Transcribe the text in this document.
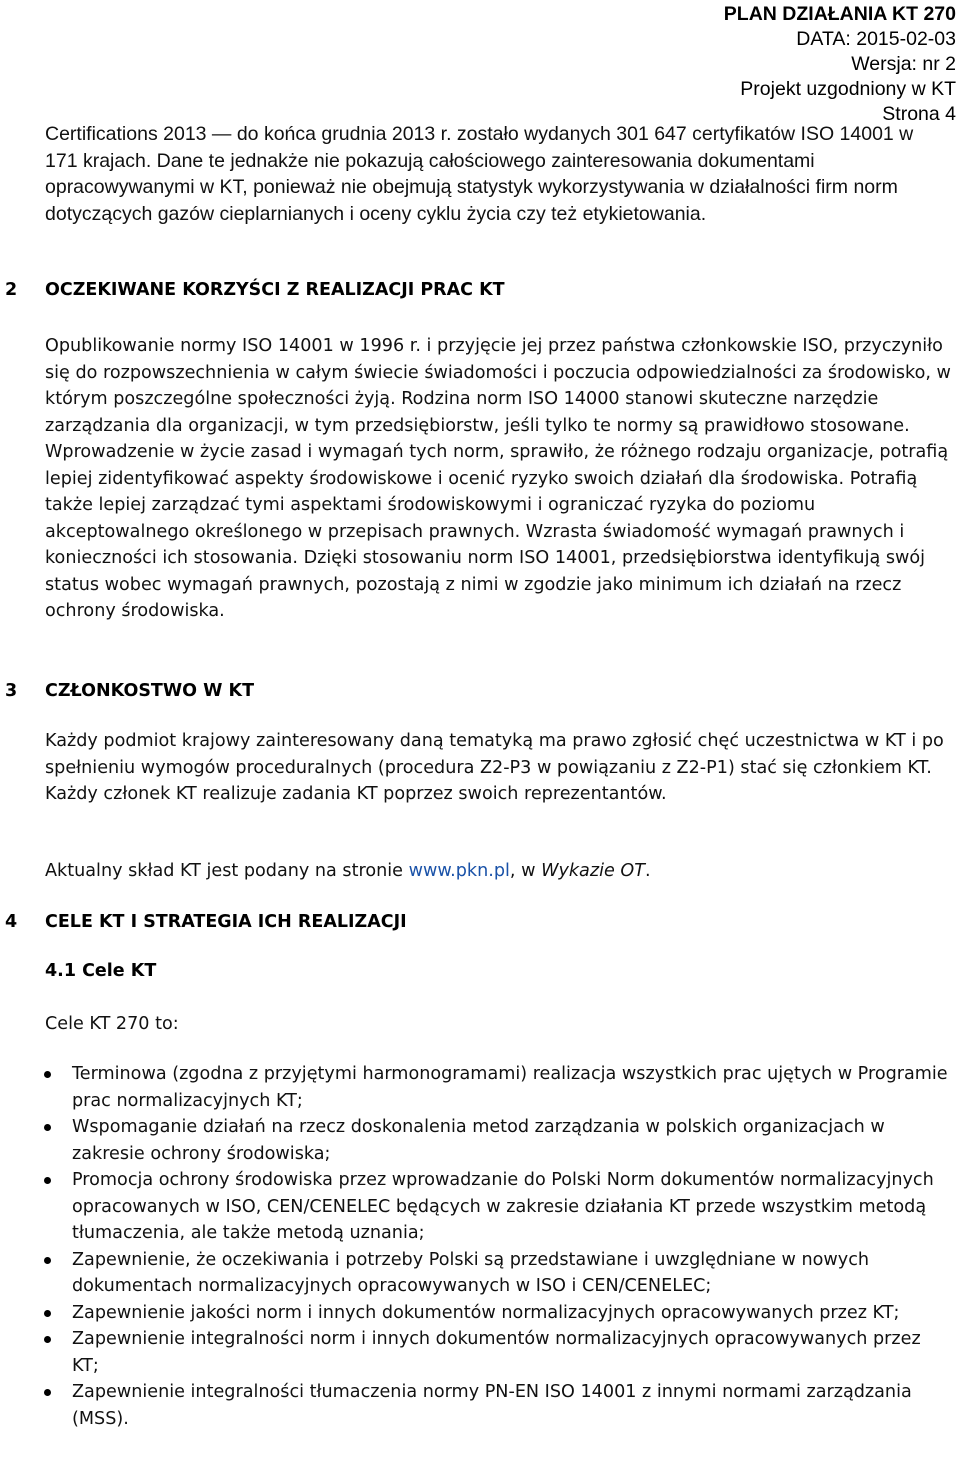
PLAN DZIAŁANIA KT 270
DATA: 2015-02-03
Wersja: nr 2
Projekt uzgodniony w KT
Strona 4
Certifications 2013 — do końca grudnia 2013 r. zostało wydanych 301 647 certyfikatów ISO 14001 w 171 krajach. Dane te jednakże nie pokazują całościowego zainteresowania dokumentami opracowywanymi w KT, ponieważ nie obejmują statystyk wykorzystywania w działalności firm norm dotyczących gazów cieplarnianych i oceny cyklu życia czy też etykietowania.
2 OCZEKIWANE KORZYŚCI Z REALIZACJI PRAC KT
Opublikowanie normy ISO 14001 w 1996 r. i przyjęcie jej przez państwa członkowskie ISO, przyczyniło się do rozpowszechnienia w całym świecie świadomości i poczucia odpowiedzialności za środowisko, w którym poszczególne społeczności żyją. Rodzina norm ISO 14000 stanowi skuteczne narzędzie zarządzania dla organizacji, w tym przedsiębiorstw, jeśli tylko te normy są prawidłowo stosowane. Wprowadzenie w życie zasad i wymagań tych norm, sprawiło, że różnego rodzaju organizacje, potrafią lepiej zidentyfikować aspekty środowiskowe i ocenić ryzyko swoich działań dla środowiska. Potrafią także lepiej zarządzać tymi aspektami środowiskowymi i ograniczać ryzyka do poziomu akceptowalnego określonego w przepisach prawnych. Wzrasta świadomość wymagań prawnych i konieczności ich stosowania. Dzięki stosowaniu norm ISO 14001, przedsiębiorstwa identyfikują swój status wobec wymagań prawnych, pozostają z nimi w zgodzie jako minimum ich działań na rzecz ochrony środowiska.
3 CZŁONKOSTWO W KT
Każdy podmiot krajowy zainteresowany daną tematyką ma prawo zgłosić chęć uczestnictwa w KT i po spełnieniu wymogów proceduralnych (procedura Z2-P3 w powiązaniu z Z2-P1) stać się członkiem KT. Każdy członek KT realizuje zadania KT poprzez swoich reprezentantów.
Aktualny skład KT jest podany na stronie www.pkn.pl, w Wykazie OT.
4 CELE KT I STRATEGIA ICH REALIZACJI
4.1 Cele KT
Cele KT 270 to:
Terminowa (zgodna z przyjętymi harmonogramami) realizacja wszystkich prac ujętych w Programie prac normalizacyjnych KT;
Wspomaganie działań na rzecz doskonalenia metod zarządzania w polskich organizacjach w zakresie ochrony środowiska;
Promocja ochrony środowiska przez wprowadzanie do Polski Norm dokumentów normalizacyjnych opracowanych w ISO, CEN/CENELEC będących w zakresie działania KT przede wszystkim metodą tłumaczenia, ale także metodą uznania;
Zapewnienie, że oczekiwania i potrzeby Polski są przedstawiane i uwzględniane w nowych dokumentach normalizacyjnych opracowywanych w ISO i CEN/CENELEC;
Zapewnienie jakości norm i innych dokumentów normalizacyjnych opracowywanych przez KT;
Zapewnienie integralności norm i innych dokumentów normalizacyjnych opracowywanych przez KT;
Zapewnienie integralności tłumaczenia normy PN-EN ISO 14001 z innymi normami zarządzania (MSS).
